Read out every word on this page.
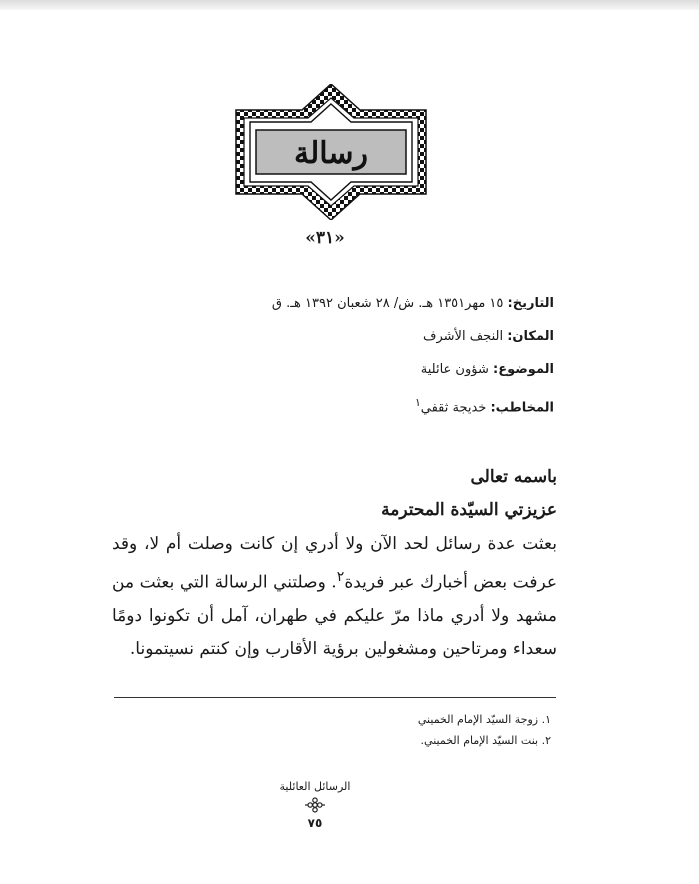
رسالة
«٣١»
التاريخ: ١٥ مهر١٣٥١ هـ. ش/ ٢٨ شعبان ١٣٩٢ هـ. ق
المكان: النجف الأشرف
الموضوع: شؤون عائلية
المخاطب: خديجة ثقفي$^١$
باسمه تعالى
عزيزتي السيّدة المحترمة
بعثت عدة رسائل لحد الآن ولا أدري إن كانت وصلت أم لا، وقد عرفت بعض أخبارك عبر فريدة$^٢$. وصلتني الرسالة التي بعثت من مشهد ولا أدري ماذا مرّ عليكم في طهران، آمل أن تكونوا دومًا سعداء ومرتاحين ومشغولين برؤية الأقارب وإن كنتم نسيتمونا.
١. زوجة السيّد الإمام الخميني
٢. بنت السيّد الإمام الخميني.
الرسائل العائلية
٧٥
